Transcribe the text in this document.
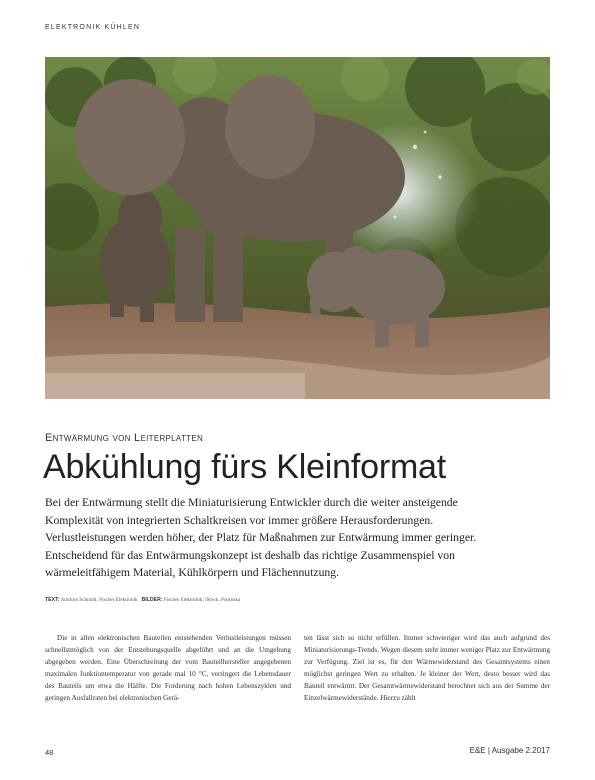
ELEKTRONIK KÜHLEN
Entwärmung von Leiterplatten
Abkühlung fürs Kleinformat

Bei der Entwärmung stellt die Miniaturisierung Entwickler durch die weiter ansteigende Komplexität von integrierten Schaltkreisen vor immer größere Herausforderungen. Verlustleistungen werden höher, der Platz für Maßnahmen zur Entwärmung immer geringer. Entscheidend für das Entwärmungskonzept ist deshalb das richtige Zusammenspiel von wärmeleitfähigem Material, Kühlkörpern und Flächennutzung.

TEXT: Joachim Schmidt, Fischer Elektronik BILDER: Fischer Elektronik; iStock, Pouroska

Die in allen elektronischen Bauteilen entstehenden Verlustleistungen müssen schnellstmöglich von der Entstehungsquelle abgeführt und an die Umgebung abgegeben werden. Eine Überschreitung der vom Bauteilhersteller angegebenen maximalen Junktiontemperatur von gerade mal 10 °C, verringert die Lebensdauer des Bauteils um etwa die Hälfte. Die Forderung nach hohen Lebenszyklen und geringen Ausfallraten bei elektronischen Gerä-

ten lässt sich so nicht erfüllen. Immer schwieriger wird das auch aufgrund des Miniaturisierungs-Trends. Wegen diesem steht immer weniger Platz zur Entwärmung zur Verfügung. Ziel ist es, für den Wärmewiderstand des Gesamtsystems einen möglichst geringen Wert zu erhalten. Je kleiner der Wert, desto besser wird das Bauteil entwärmt. Der Gesamtwärmewiderstand berechnet sich aus der Summe der Einzelwärmewiderstände. Hierzu zählt

48	E&E | Ausgabe 2.2017
